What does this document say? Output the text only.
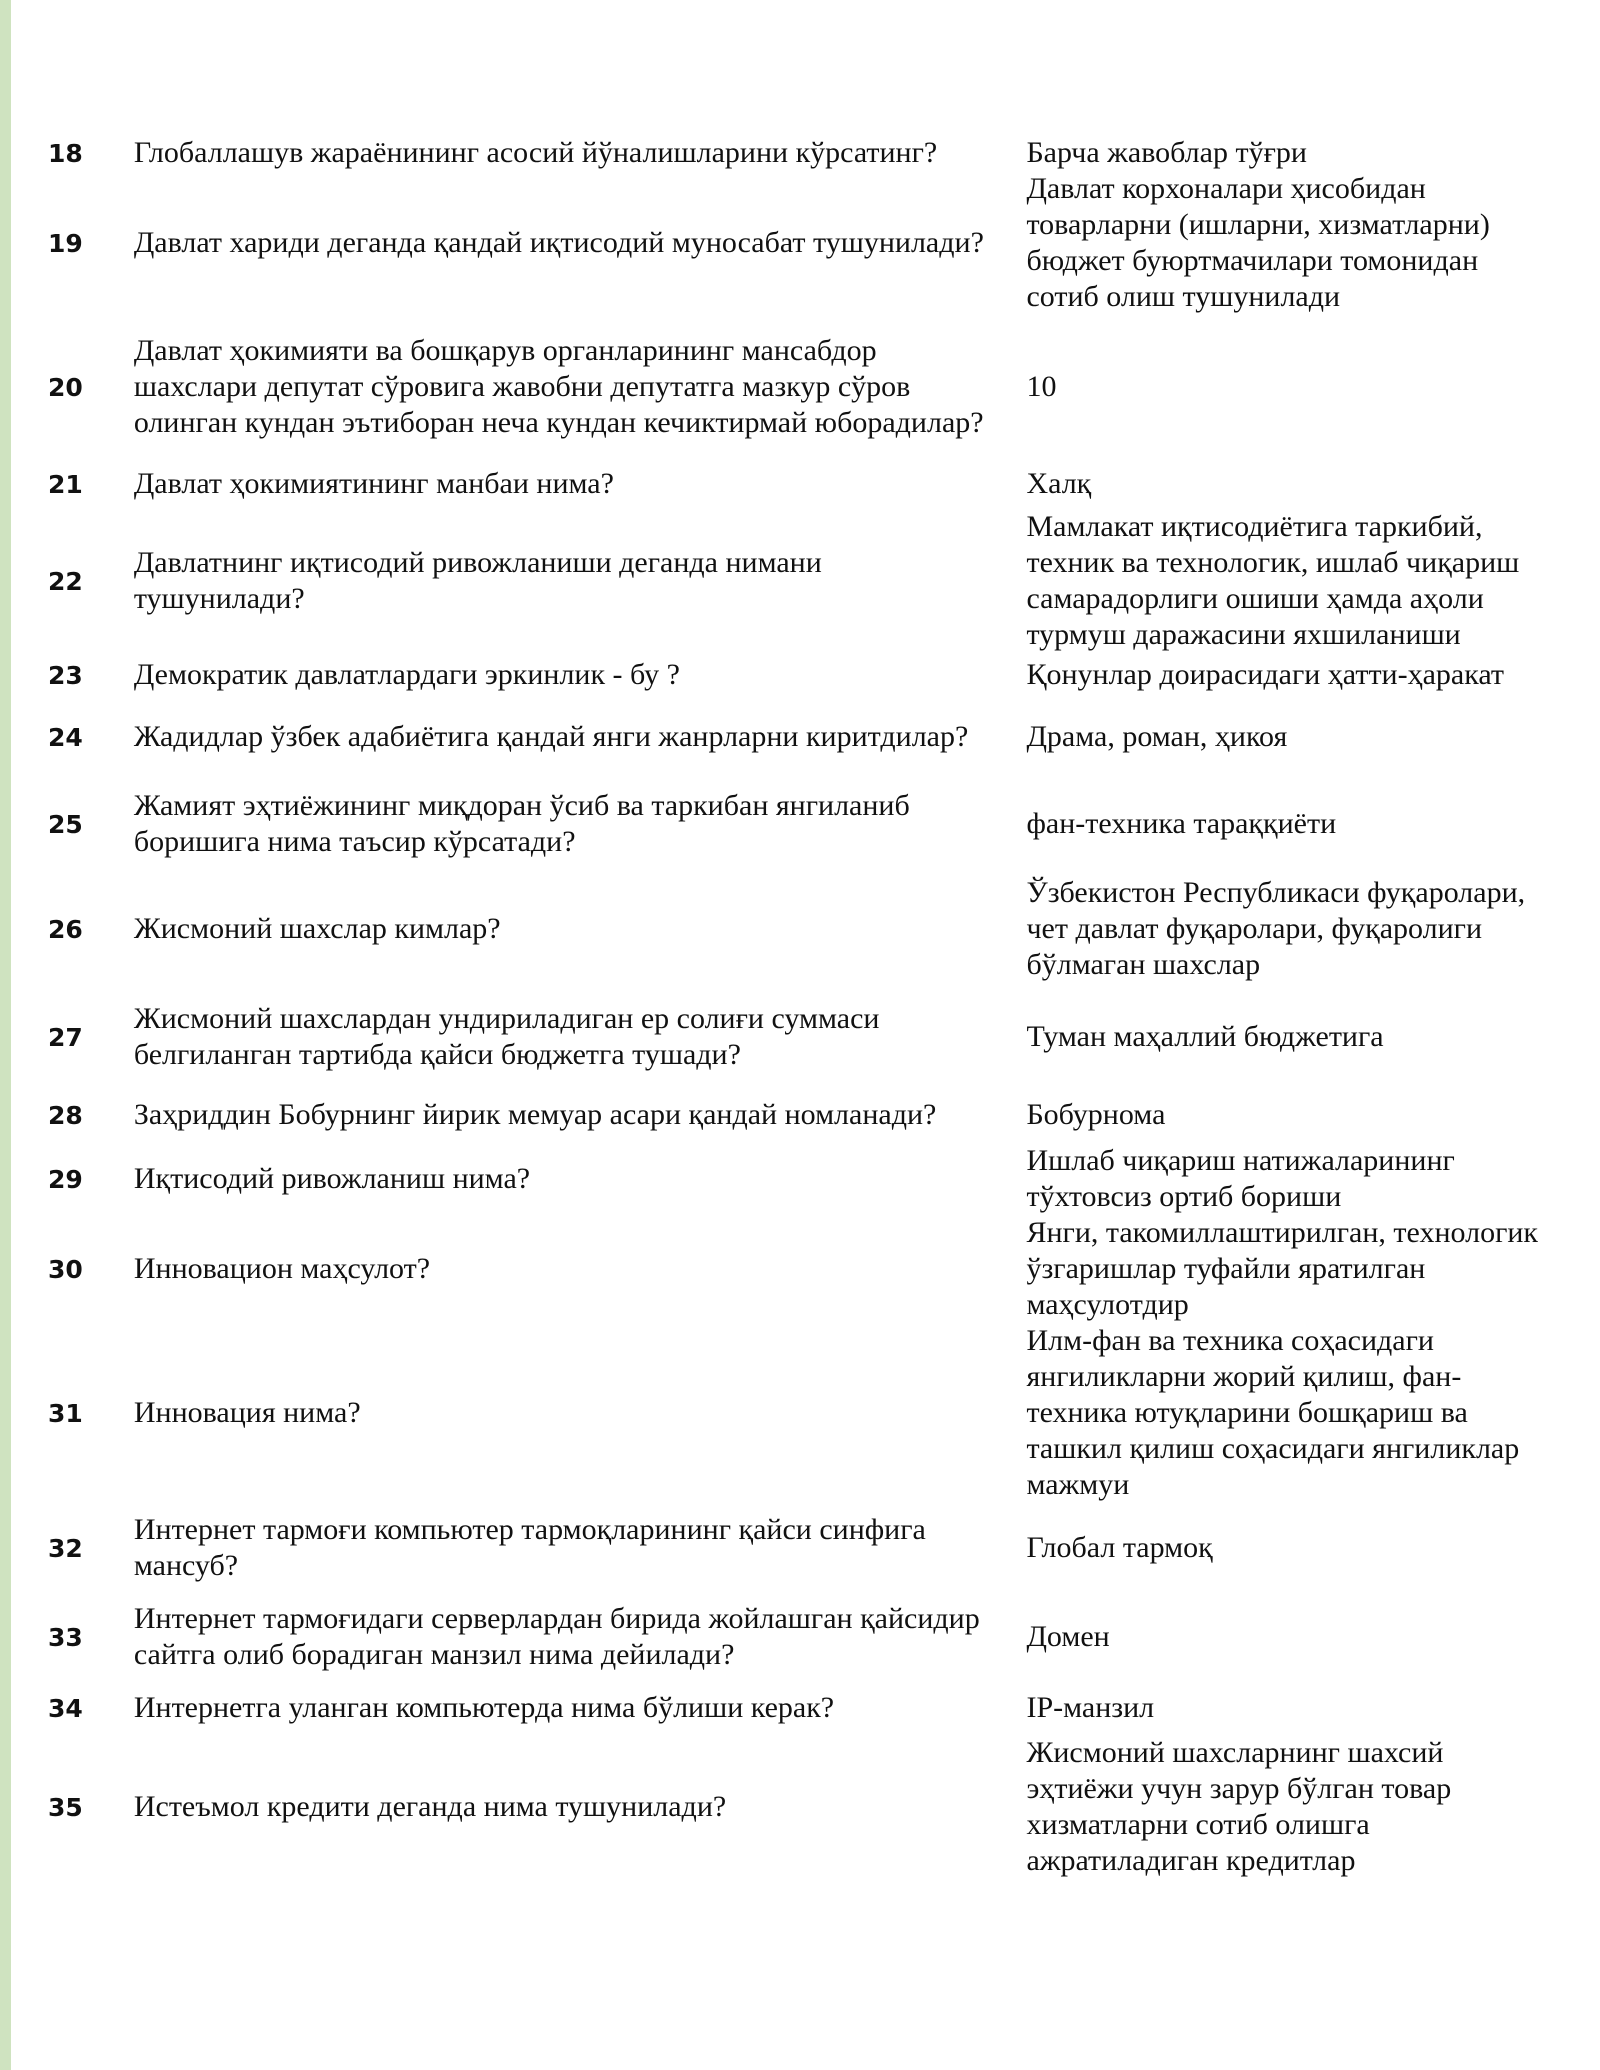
18	Глобаллашув жараёнининг асосий йўналишларини кўрсатинг?	Барча жавоблар тўғри
19	Давлат хариди деганда қандай иқтисодий муносабат тушунилади?	Давлат корхоналари ҳисобидан товарларни (ишларни, хизматларни) бюджет буюртмачилари томонидан сотиб олиш тушунилади
20	Давлат ҳокимияти ва бошқарув органларининг мансабдор шахслари депутат сўровига жавобни депутатга мазкур сўров олинган кундан эътиборан неча кундан кечиктирмай юборадилар?	10
21	Давлат ҳокимиятининг манбаи нима?	Халқ
22	Давлатнинг иқтисодий ривожланиши деганда нимани тушунилади?	Мамлакат иқтисодиётига таркибий, техник ва технологик, ишлаб чиқариш самарадорлиги ошиши ҳамда аҳоли турмуш даражасини яхшиланиши
23	Демократик давлатлардаги эркинлик - бу ?	Қонунлар доирасидаги ҳатти-ҳаракат
24	Жадидлар ўзбек адабиётига қандай янги жанрларни киритдилар?	Драма, роман, ҳикоя
25	Жамият эҳтиёжининг миқдоран ўсиб ва таркибан янгиланиб боришига нима таъсир кўрсатади?	фан-техника тараққиёти
26	Жисмоний шахслар кимлар?	Ўзбекистон Республикаси фуқаролари, чет давлат фуқаролари, фуқаролиги бўлмаган шахслар
27	Жисмоний шахслардан ундириладиган ер солиғи суммаси белгиланган тартибда қайси бюджетга тушади?	Туман маҳаллий бюджетига
28	Заҳриддин Бобурнинг йирик мемуар асари қандай номланади?	Бобурнома
29	Иқтисодий ривожланиш нима?	Ишлаб чиқариш натижаларининг тўхтовсиз ортиб бориши
30	Инновацион маҳсулот?	Янги, такомиллаштирилган, технологик ўзгаришлар туфайли яратилган маҳсулотдир
31	Инновация нима?	Илм-фан ва техника соҳасидаги янгиликларни жорий қилиш, фан-техника ютуқларини бошқариш ва ташкил қилиш соҳасидаги янгиликлар мажмуи
32	Интернет тармоғи компьютер тармоқларининг қайси синфига мансуб?	Глобал тармоқ
33	Интернет тармоғидаги серверлардан бирида жойлашган қайсидир сайтга олиб борадиган манзил нима дейилади?	Домен
34	Интернетга уланган компьютерда нима бўлиши керак?	IP-манзил
35	Истеъмол кредити деганда нима тушунилади?	Жисмоний шахсларнинг шахсий эҳтиёжи учун зарур бўлган товар хизматларни сотиб олишга ажратиладиган кредитлар
